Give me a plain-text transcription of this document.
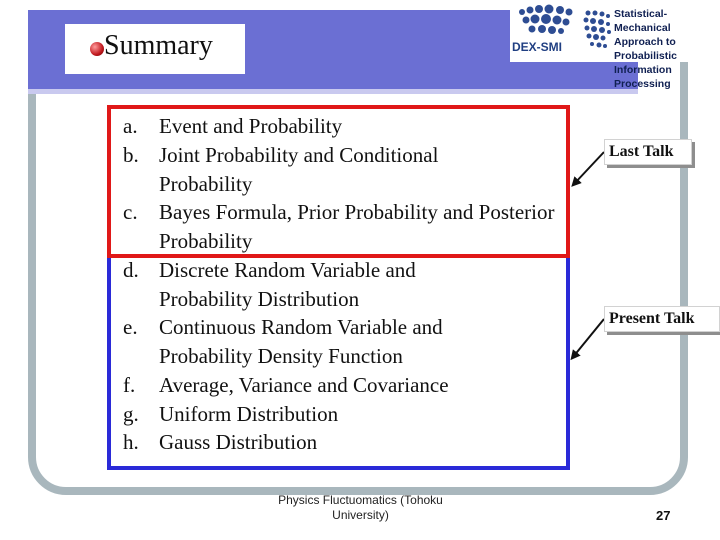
Summary	DEX-SMI
Statistical-Mechanical
Approach to Probabilistic
Information Processing
a.	Event and Probability
b. Joint Probability and Conditional Probability
c.	Bayes Formula, Prior Probability and Posterior Probability
d. Discrete Random Variable and Probability Distribution
e.	Continuous Random Variable and Probability Density Function
f.	Average, Variance and Covariance
g. Uniform Distribution
h. Gauss Distribution
Last Talk
Present Talk
Physics Fluctuomatics (Tohoku University)	27
